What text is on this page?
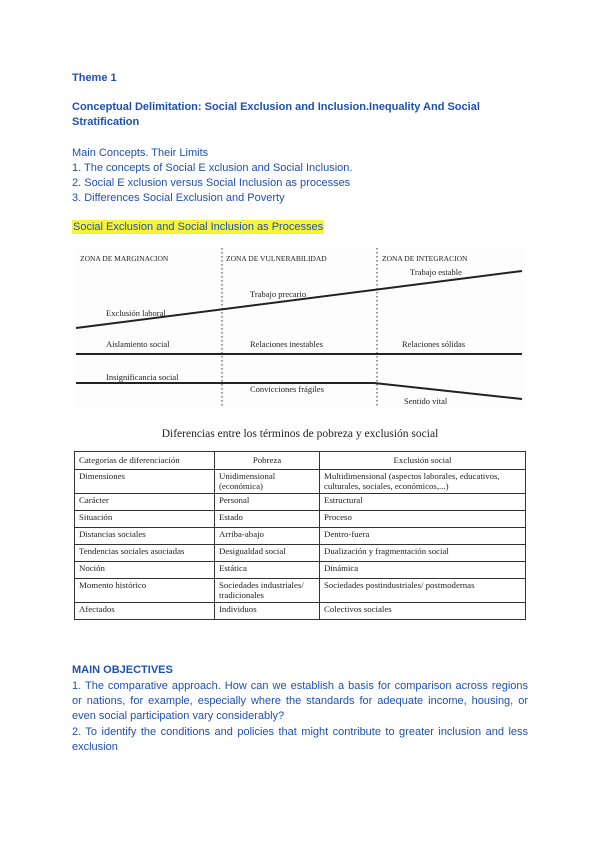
Theme 1
Conceptual Delimitation: Social Exclusion and Inclusion.Inequality And Social Stratification
Main Concepts. Their Limits
1. The concepts of Social E xclusion and Social Inclusion.
2. Social E xclusion versus Social Inclusion as processes
3. Differences Social Exclusion and Poverty
Social Exclusion and Social Inclusion as Processes
ZONA DE MARGINACION	ZONA DE VULNERABILIDAD	ZONA DE INTEGRACION
Trabajo estable
Trabajo precario
Exclusión laboral
Aislamiento social	Relaciones inestables	Relaciones sólidas
Insignificancia social
Convicciones frágiles
Sentido vital
Diferencias entre los términos de pobreza y exclusión social
Categorías de diferenciación	Pobreza	Exclusión social
Dimensiones	Unidimensional (económica)	Multidimensional (aspectos laborales, educativos, culturales, sociales, económicos,...)
Carácter	Personal	Estructural
Situación	Estado	Proceso
Distancias sociales	Arriba-abajo	Dentro-fuera
Tendencias sociales asociadas	Desigualdad social	Dualización y fragmentación social
Noción	Estática	Dinámica
Momento histórico	Sociedades industriales/ tradicionales	Sociedades postindustriales/ postmodernas
Afectados	Individuos	Colectivos sociales
MAIN OBJECTIVES

1. The comparative approach. How can we establish a basis for comparison across regions or nations, for example, especially where the standards for adequate income, housing, or even social participation vary considerably?

2. To identify the conditions and policies that might contribute to greater inclusion and less exclusion
